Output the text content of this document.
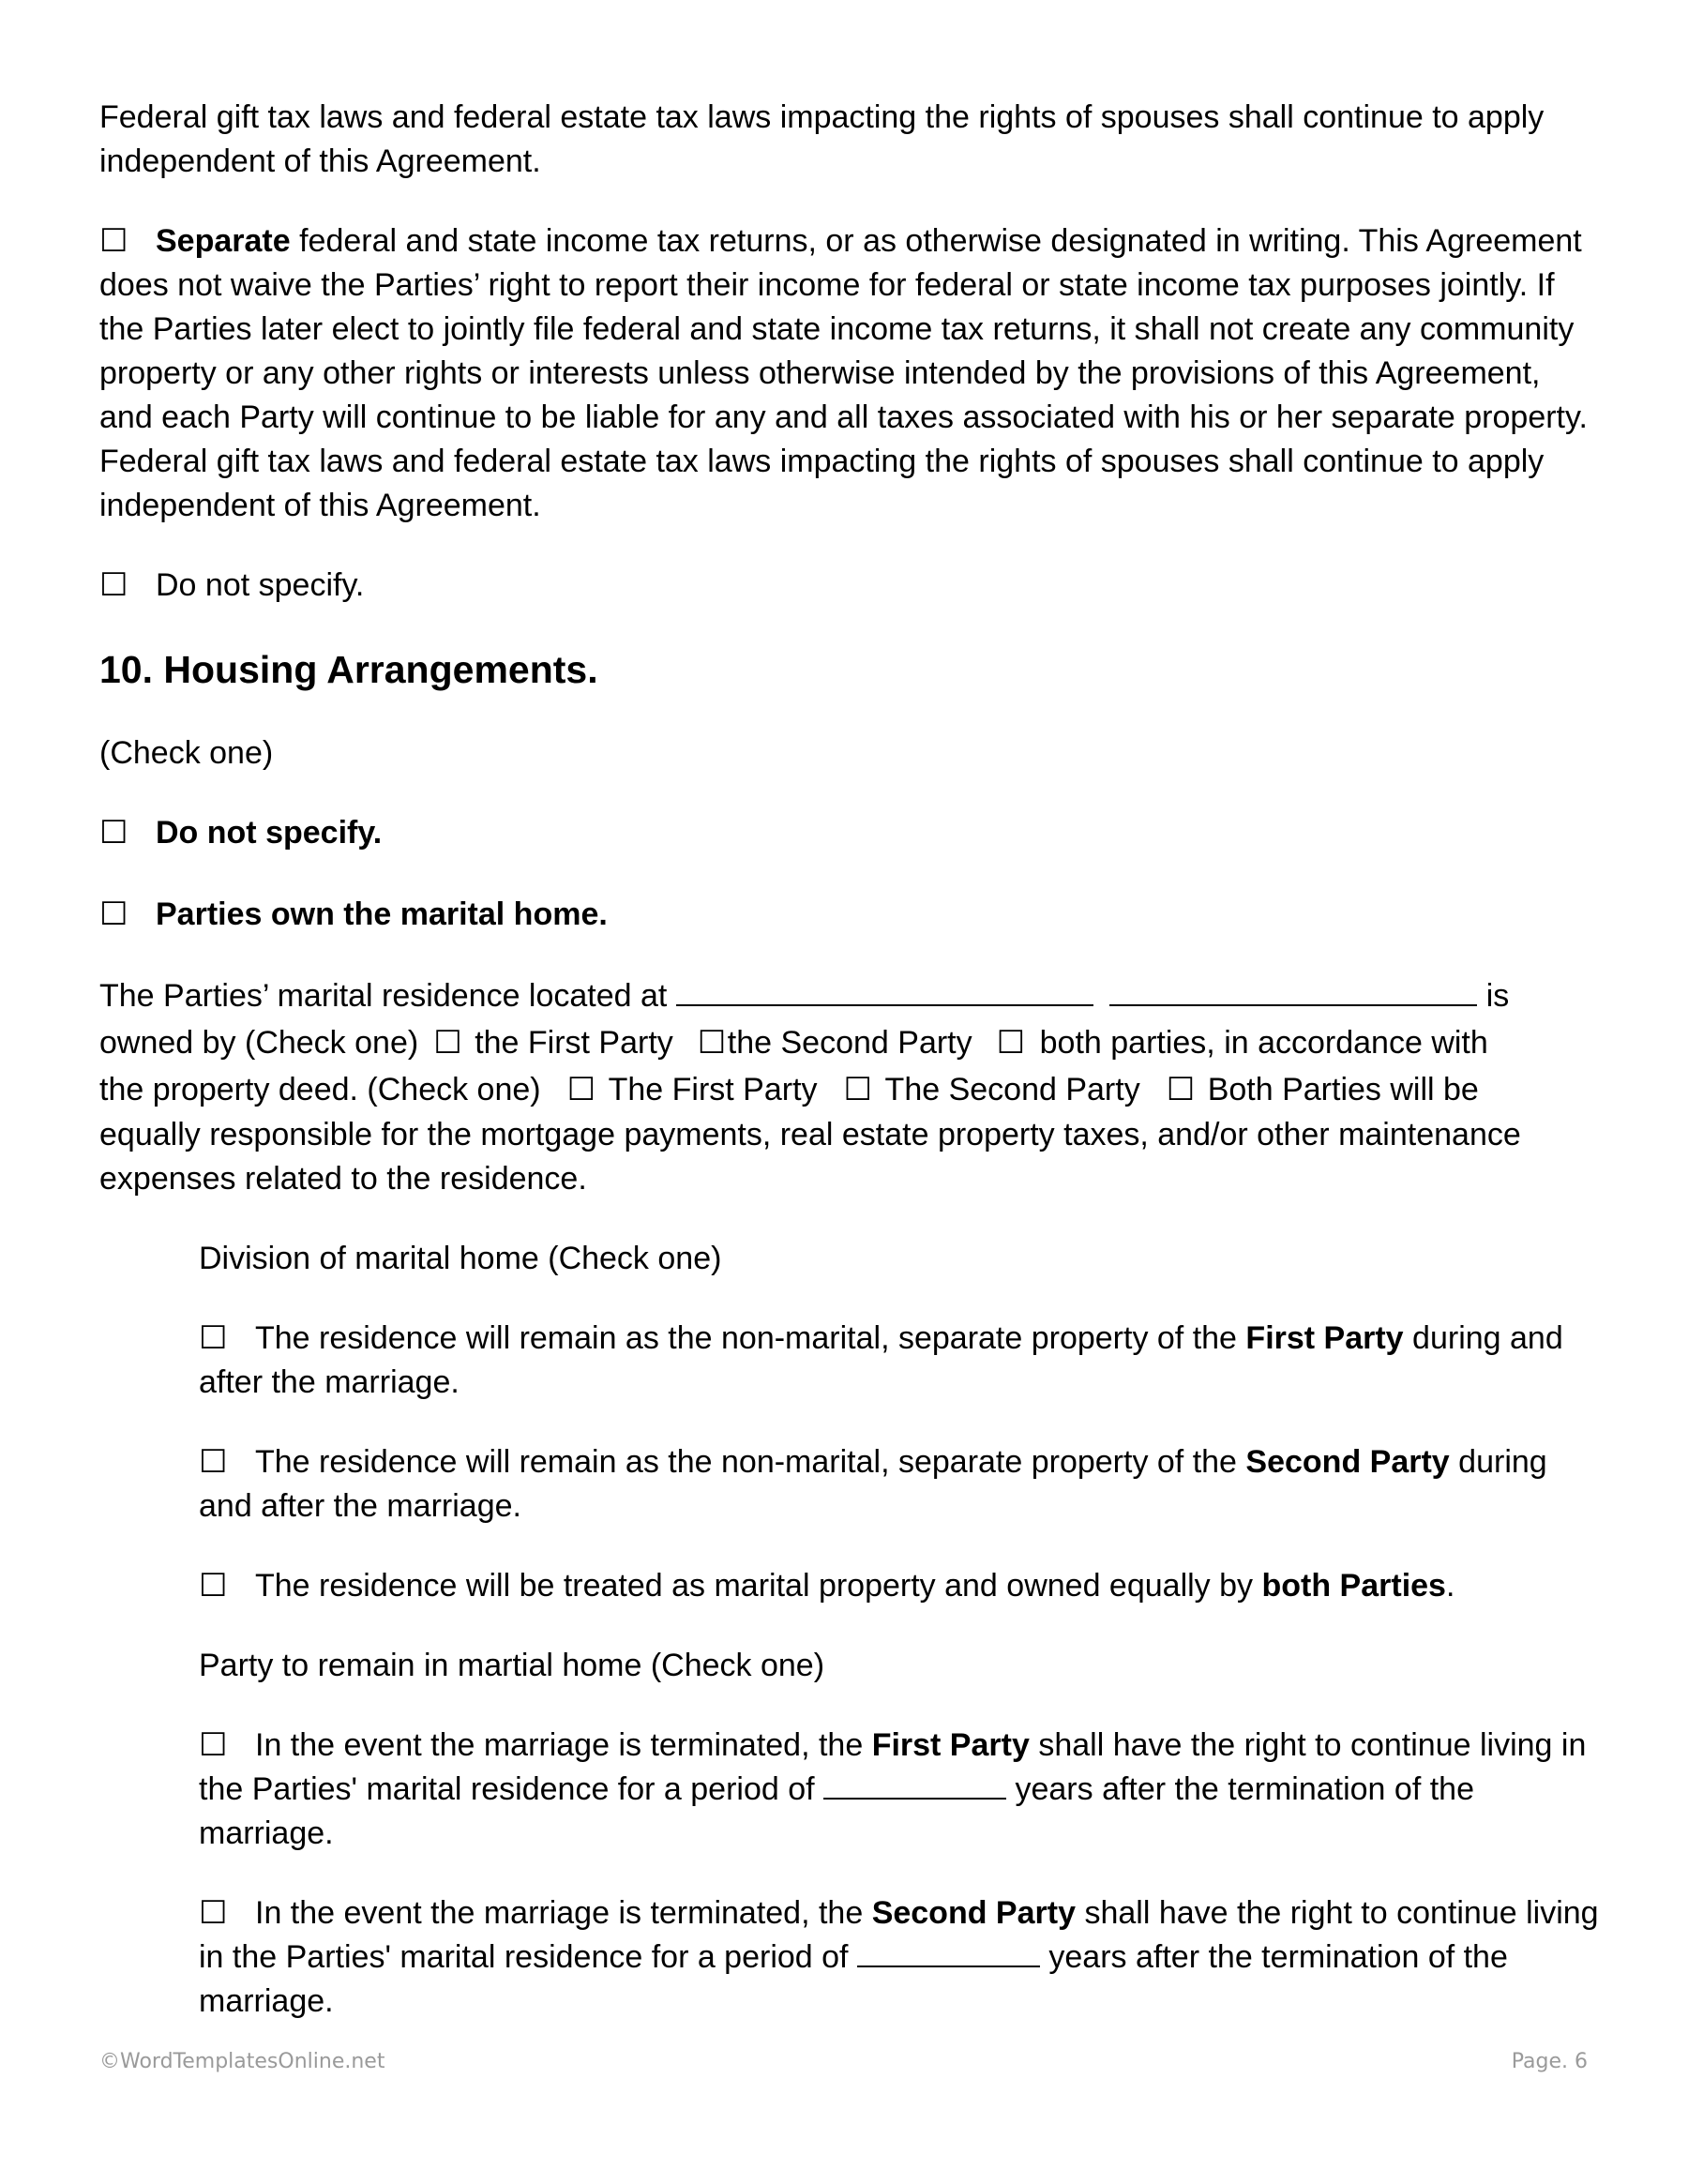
Federal gift tax laws and federal estate tax laws impacting the rights of spouses shall continue to apply independent of this Agreement.

☐ Separate federal and state income tax returns, or as otherwise designated in writing. This Agreement does not waive the Parties’ right to report their income for federal or state income tax purposes jointly. If the Parties later elect to jointly file federal and state income tax returns, it shall not create any community property or any other rights or interests unless otherwise intended by the provisions of this Agreement, and each Party will continue to be liable for any and all taxes associated with his or her separate property. Federal gift tax laws and federal estate tax laws impacting the rights of spouses shall continue to apply independent of this Agreement.

☐ Do not specify.

10. Housing Arrangements.

(Check one)

☐ Do not specify.

☐ Parties own the marital home.

The Parties’ marital residence located at	is
owned by (Check one) ☐ the First Party ☐the Second Party ☐ both parties, in accordance with
the property deed. (Check one) ☐ The First Party ☐ The Second Party ☐ Both Parties will be

equally responsible for the mortgage payments, real estate property taxes, and/or other maintenance expenses related to the residence.

Division of marital home (Check one)

☐ The residence will remain as the non-marital, separate property of the First Party during and after the marriage.

☐ The residence will remain as the non-marital, separate property of the Second Party during and after the marriage.

☐ The residence will be treated as marital property and owned equally by both Parties.

Party to remain in martial home (Check one)

☐ In the event the marriage is terminated, the First Party shall have the right to continue living in the Parties' marital residence for a period of	years after the termination of the marriage.

☐ In the event the marriage is terminated, the Second Party shall have the right to continue living in the Parties' marital residence for a period of	years after the termination of the marriage.

©WordTemplatesOnline.net	Page. 6
